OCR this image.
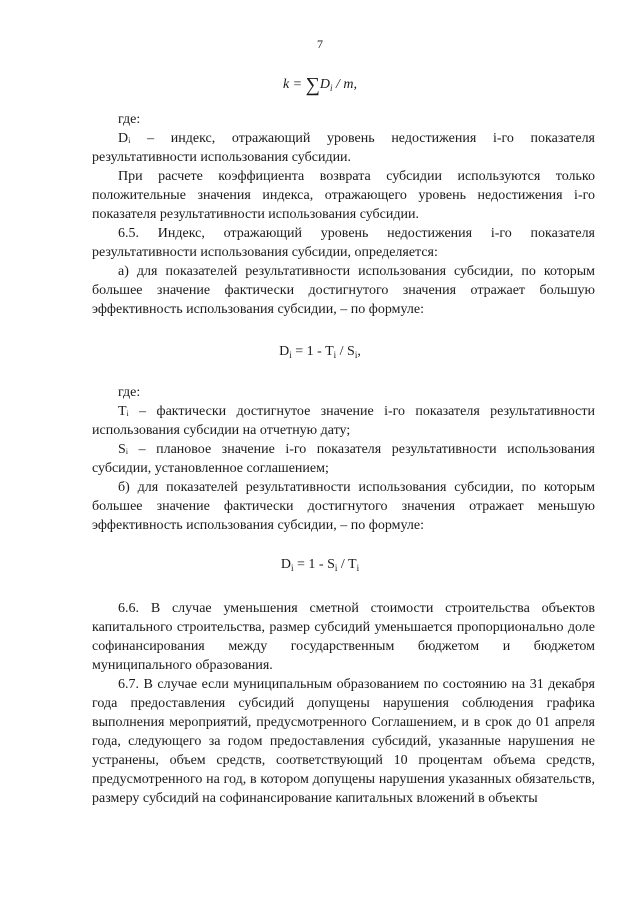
7
$k = \sum D_i / m$,

где:

Dᵢ – индекс, отражающий уровень недостижения i-го показателя результативности использования субсидии.

При расчете коэффициента возврата субсидии используются только положительные значения индекса, отражающего уровень недостижения i-го показателя результативности использования субсидии.

6.5. Индекс, отражающий уровень недостижения i-го показателя результативности использования субсидии, определяется:

а) для показателей результативности использования субсидии, по которым большее значение фактически достигнутого значения отражает большую эффективность использования субсидии, – по формуле:

$D_i = 1 - T_i / S_i$,

где:

Tᵢ – фактически достигнутое значение i-го показателя результативности использования субсидии на отчетную дату;

Sᵢ – плановое значение i-го показателя результативности использования субсидии, установленное соглашением;

б) для показателей результативности использования субсидии, по которым большее значение фактически достигнутого значения отражает меньшую эффективность использования субсидии, – по формуле:

$D_i = 1 - S_i / T_i$

6.6. В случае уменьшения сметной стоимости строительства объектов капитального строительства, размер субсидий уменьшается пропорционально доле софинансирования между государственным бюджетом и бюджетом муниципального образования.

6.7. В случае если муниципальным образованием по состоянию на 31 декабря года предоставления субсидий допущены нарушения соблюдения графика выполнения мероприятий, предусмотренного Соглашением, и в срок до 01 апреля года, следующего за годом предоставления субсидий, указанные нарушения не устранены, объем средств, соответствующий 10 процентам объема средств, предусмотренного на год, в котором допущены нарушения указанных обязательств, размеру субсидий на софинансирование капитальных вложений в объекты
